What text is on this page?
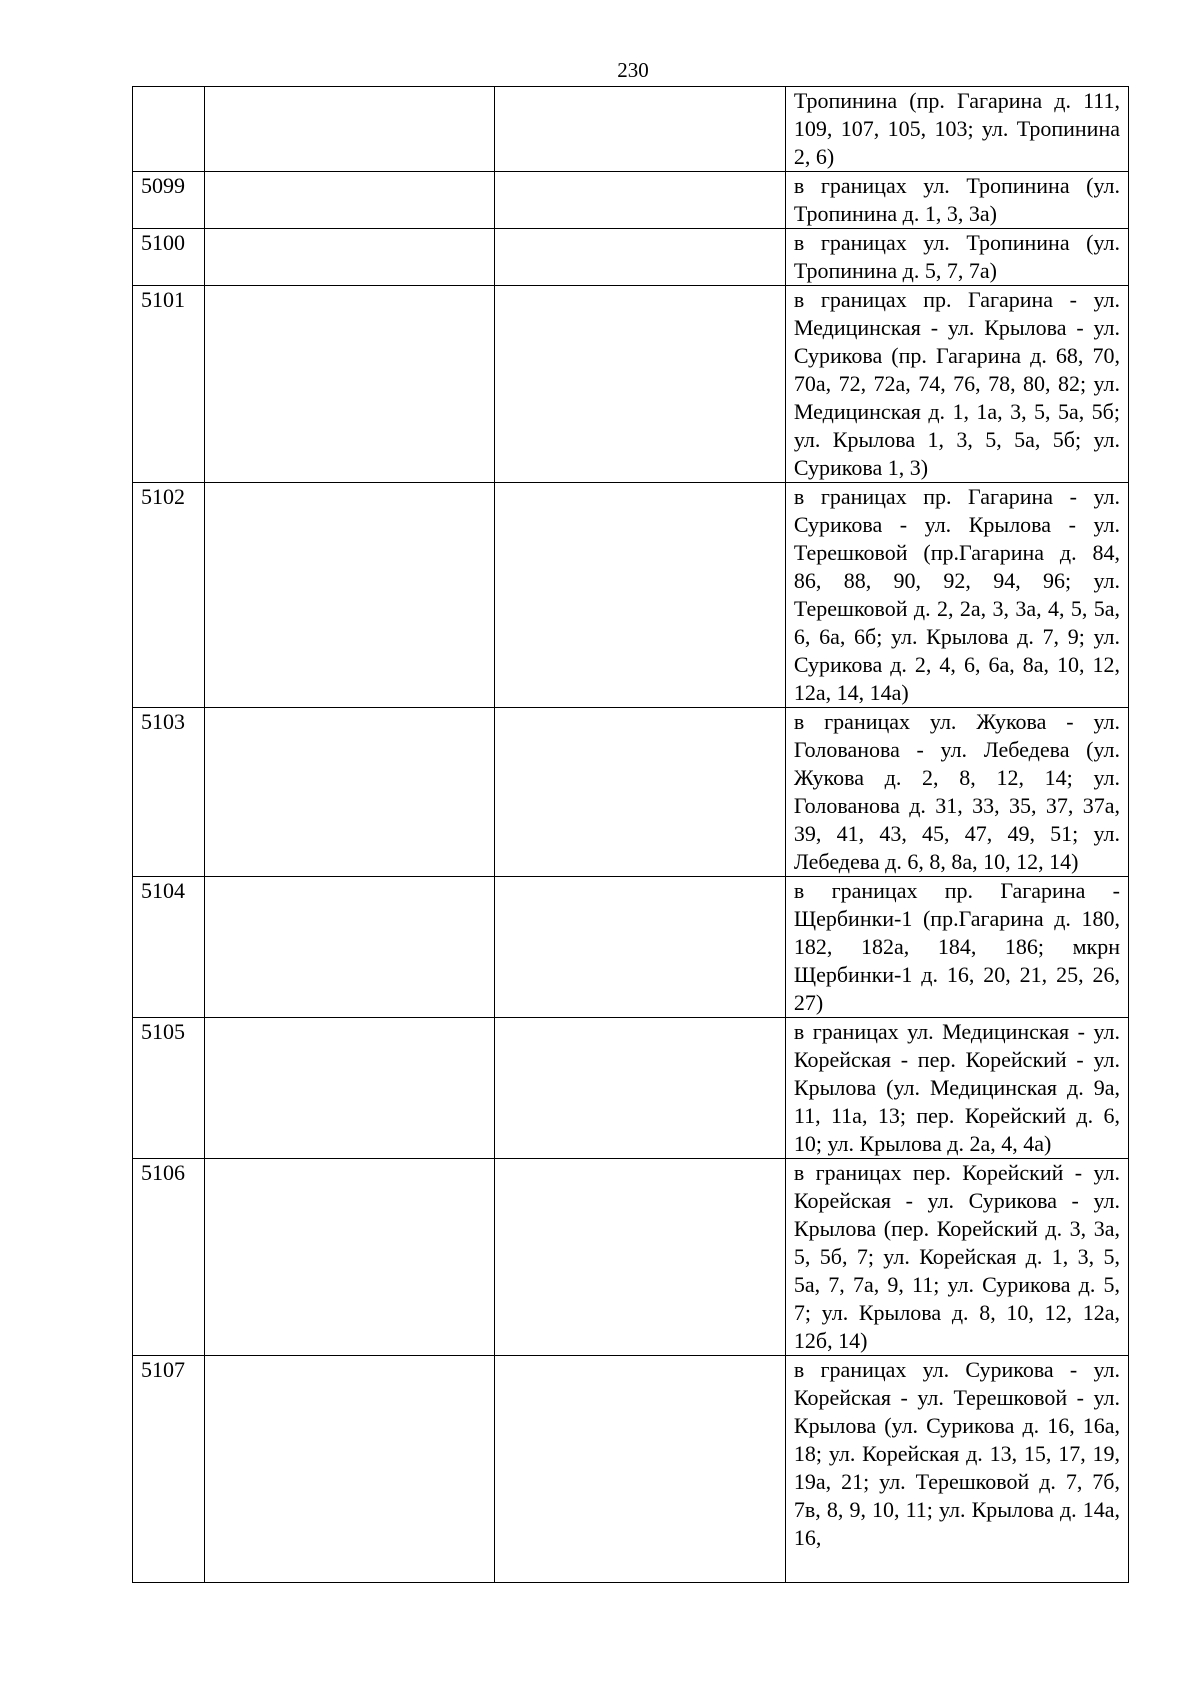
230
			Тропинина (пр. Гагарина д. 111, 109, 107, 105, 103; ул. Тропинина 2, 6)
5099			в границах ул. Тропинина (ул. Тропинина д. 1, 3, 3а)
5100			в границах ул. Тропинина (ул. Тропинина д. 5, 7, 7а)
5101			в границах пр. Гагарина - ул. Медицинская - ул. Крылова - ул. Сурикова (пр. Гагарина д. 68, 70, 70а, 72, 72а, 74, 76, 78, 80, 82; ул. Медицинская д. 1, 1а, 3, 5, 5а, 5б; ул. Крылова 1, 3, 5, 5а, 5б; ул. Сурикова 1, 3)
5102			в границах пр. Гагарина - ул. Сурикова - ул. Крылова - ул. Терешковой (пр.Гагарина д. 84, 86, 88, 90, 92, 94, 96; ул. Терешковой д. 2, 2а, 3, 3а, 4, 5, 5а, 6, 6а, 6б; ул. Крылова д. 7, 9; ул. Сурикова д. 2, 4, 6, 6а, 8а, 10, 12, 12а, 14, 14а)
5103			в границах ул. Жукова - ул. Голованова - ул. Лебедева (ул. Жукова д. 2, 8, 12, 14; ул. Голованова д. 31, 33, 35, 37, 37а, 39, 41, 43, 45, 47, 49, 51; ул. Лебедева д. 6, 8, 8а, 10, 12, 14)
5104			в границах пр. Гагарина - Щербинки-1 (пр.Гагарина д. 180, 182, 182а, 184, 186; мкрн Щербинки-1 д. 16, 20, 21, 25, 26, 27)
5105			в границах ул. Медицинская - ул. Корейская - пер. Корейский - ул. Крылова (ул. Медицинская д. 9а, 11, 11а, 13; пер. Корейский д. 6, 10; ул. Крылова д. 2а, 4, 4а)
5106			в границах пер. Корейский - ул. Корейская - ул. Сурикова - ул. Крылова (пер. Корейский д. 3, 3а, 5, 5б, 7; ул. Корейская д. 1, 3, 5, 5а, 7, 7а, 9, 11; ул. Сурикова д. 5, 7; ул. Крылова д. 8, 10, 12, 12а, 12б, 14)
5107			в границах ул. Сурикова - ул. Корейская - ул. Терешковой - ул. Крылова (ул. Сурикова д. 16, 16а, 18; ул. Корейская д. 13, 15, 17, 19, 19а, 21; ул. Терешковой д. 7, 7б, 7в, 8, 9, 10, 11; ул. Крылова д. 14а, 16,
